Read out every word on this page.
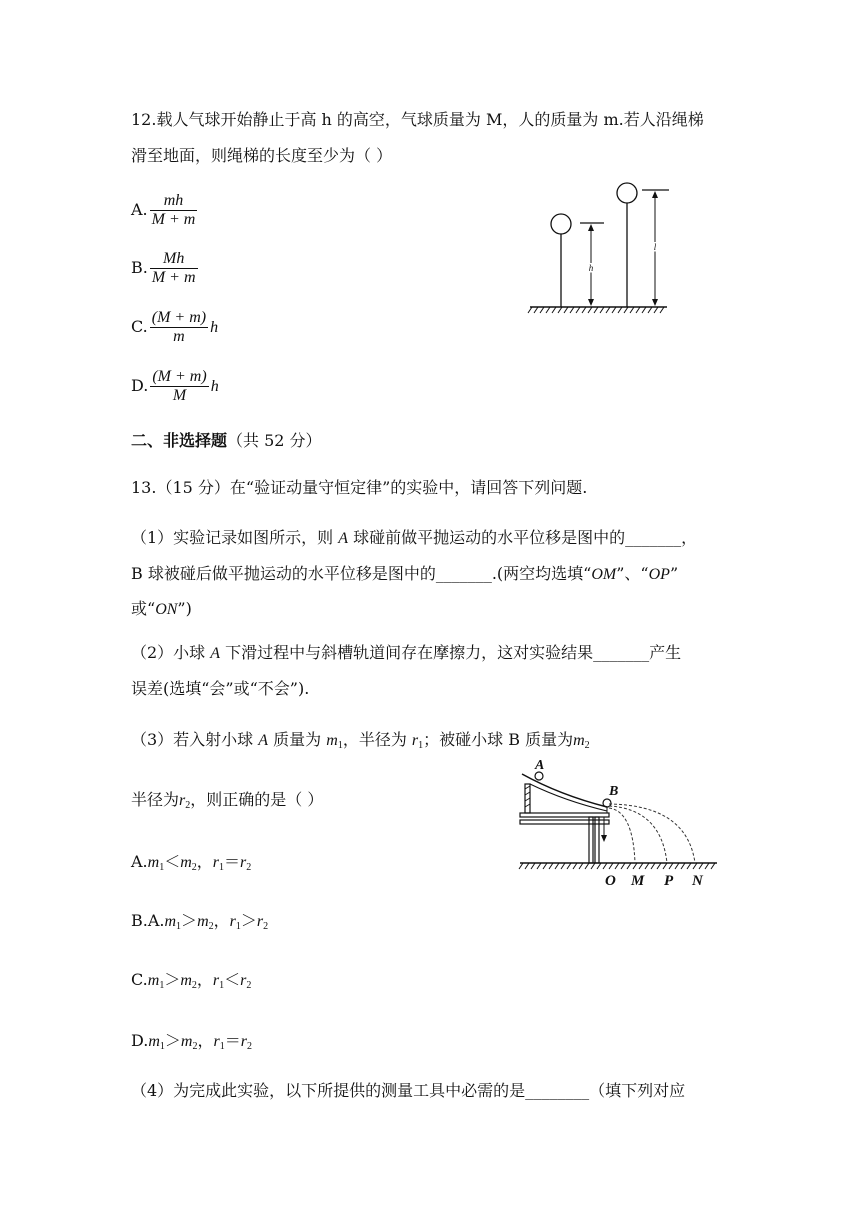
12.载人气球开始静止于高 h 的高空，气球质量为 M，人的质量为 m.若人沿绳梯
滑至地面，则绳梯的长度至少为（ ）
A. $\frac{mh}{M + m}$
B. $\frac{Mh}{M + m}$
C. $\frac{(M + m)}{m}$ h
D. $\frac{(M + m)}{M}$ h
h
l
二、非选择题（共 52 分）
13.（15 分）在“验证动量守恒定律”的实验中，请回答下列问题.
（1）实验记录如图所示，则 A 球碰前做平抛运动的水平位移是图中的_______，
B 球被碰后做平抛运动的水平位移是图中的_______.(两空均选填“OM”、“OP”
或“ON”)
（2）小球 A 下滑过程中与斜槽轨道间存在摩擦力，这对实验结果_______产生
误差(选填“会”或“不会”).
（3）若入射小球 A 质量为 $m_1$，半径为 $r_1$；被碰小球 B 质量为$m_2$
半径为$r_2$，则正确的是（ ）
$A.m_1<m_2$，$r_1=r_2$
$B.A.m_1>m_2$，$r_1>r_2$
$C.m_1>m_2$，$r_1<r_2$
$D.m_1>m_2$，$r_1=r_2$
（4）为完成此实验，以下所提供的测量工具中必需的是________（填下列对应
A
B
O M P N
